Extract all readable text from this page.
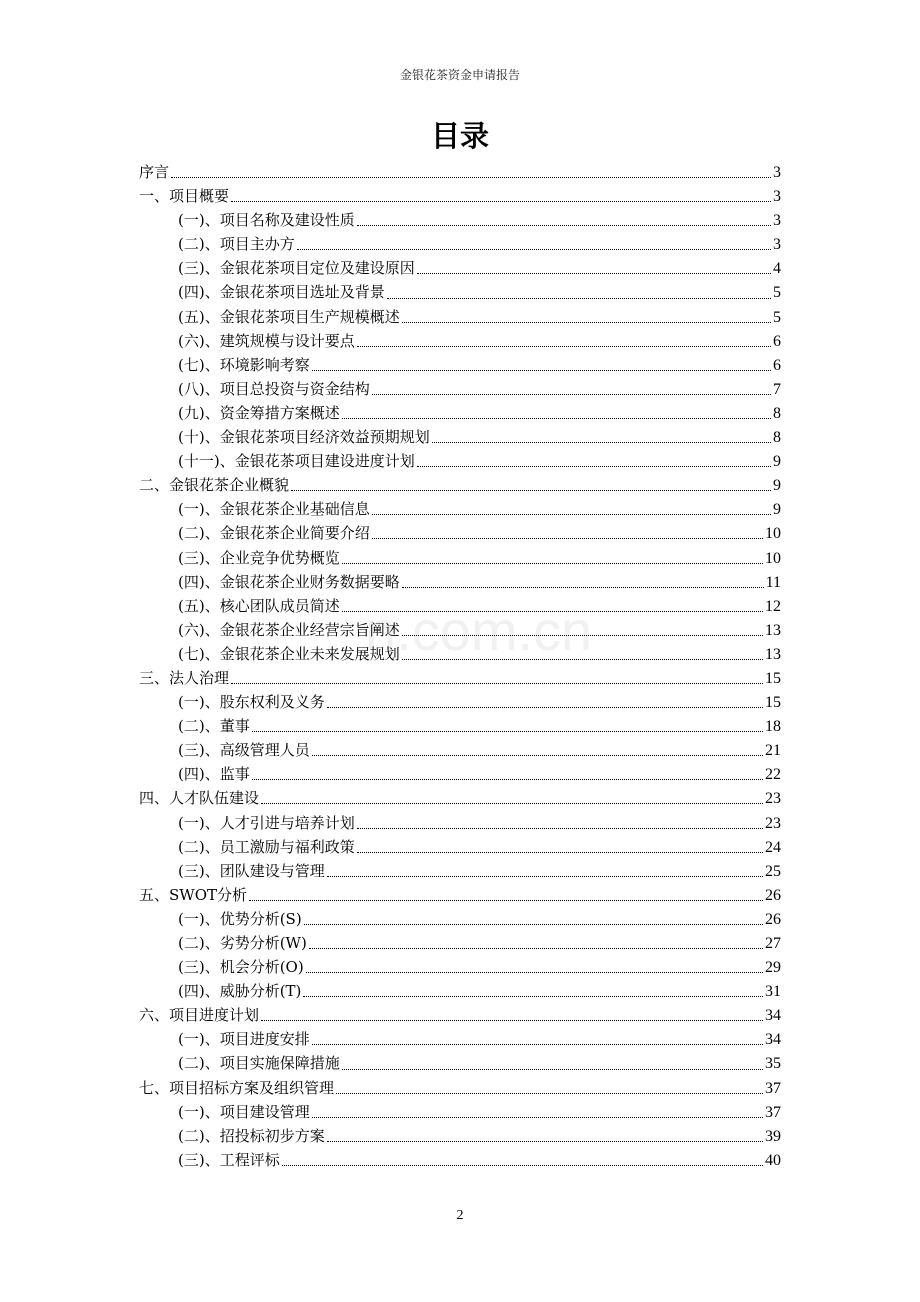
金银花茶资金申请报告
目录
n.com.cn
序言	3
一、项目概要	3
(一)、项目名称及建设性质	3
(二)、项目主办方	3
(三)、金银花茶项目定位及建设原因	4
(四)、金银花茶项目选址及背景	5
(五)、金银花茶项目生产规模概述	5
(六)、建筑规模与设计要点	6
(七)、环境影响考察	6
(八)、项目总投资与资金结构	7
(九)、资金筹措方案概述	8
(十)、金银花茶项目经济效益预期规划	8
(十一)、金银花茶项目建设进度计划	9
二、金银花茶企业概貌	9
(一)、金银花茶企业基础信息	9
(二)、金银花茶企业简要介绍	10
(三)、企业竞争优势概览	10
(四)、金银花茶企业财务数据要略	11
(五)、核心团队成员简述	12
(六)、金银花茶企业经营宗旨阐述	13
(七)、金银花茶企业未来发展规划	13
三、法人治理	15
(一)、股东权利及义务	15
(二)、董事	18
(三)、高级管理人员	21
(四)、监事	22
四、人才队伍建设	23
(一)、人才引进与培养计划	23
(二)、员工激励与福利政策	24
(三)、团队建设与管理	25
五、SWOT分析	26
(一)、优势分析(S)	26
(二)、劣势分析(W)	27
(三)、机会分析(O)	29
(四)、威胁分析(T)	31
六、项目进度计划	34
(一)、项目进度安排	34
(二)、项目实施保障措施	35
七、项目招标方案及组织管理	37
(一)、项目建设管理	37
(二)、招投标初步方案	39
(三)、工程评标	40
2
